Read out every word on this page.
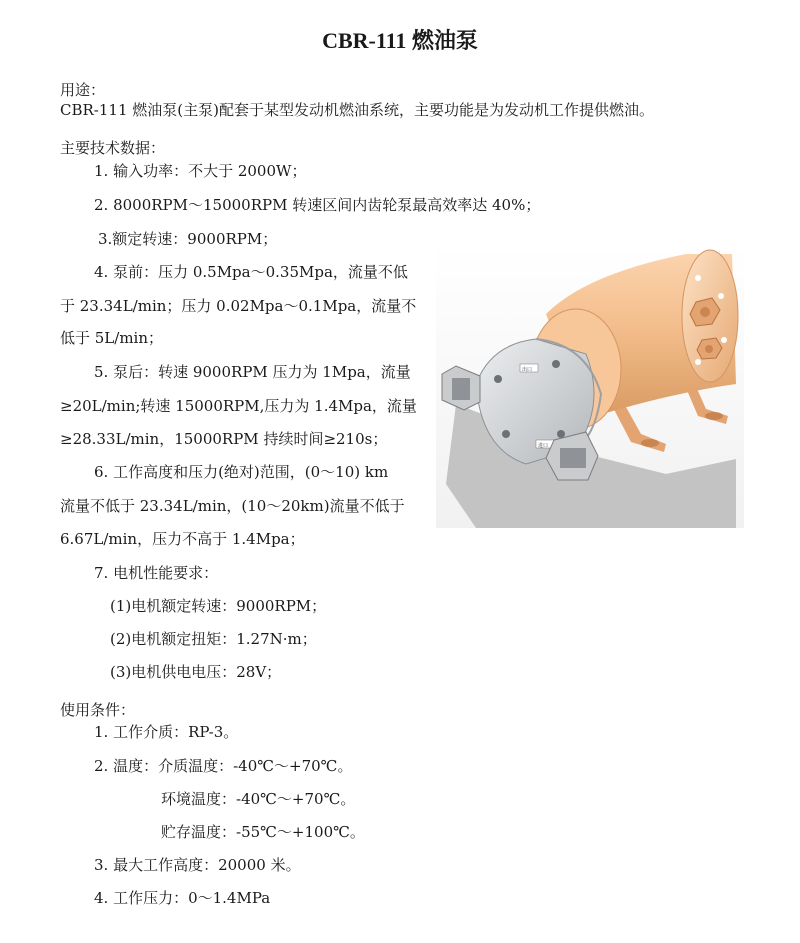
CBR-111 燃油泵
用途：
CBR-111 燃油泵(主泵)配套于某型发动机燃油系统，主要功能是为发动机工作提供燃油。
主要技术数据：
1. 输入功率：不大于 2000W；
2. 8000RPM～15000RPM 转速区间内齿轮泵最高效率达 40%；
3.额定转速：9000RPM；
4. 泵前：压力 0.5Mpa～0.35Mpa，流量不低
于 23.34L/min；压力 0.02Mpa～0.1Mpa，流量不
低于 5L/min；
5. 泵后：转速 9000RPM 压力为 1Mpa，流量
≥20L/min;转速 15000RPM,压力为 1.4Mpa，流量
≥28.33L/min，15000RPM 持续时间≥210s；
6. 工作高度和压力(绝对)范围，(0～10) km
流量不低于 23.34L/min，(10～20km)流量不低于
6.67L/min，压力不高于 1.4Mpa；
7. 电机性能要求：
(1)电机额定转速：9000RPM；
(2)电机额定扭矩：1.27N·m；
(3)电机供电电压：28V；
使用条件：
1. 工作介质：RP-3。
2. 温度：介质温度：-40℃～+70℃。
环境温度：-40℃～+70℃。
贮存温度：-55℃～+100℃。
3. 最大工作高度：20000 米。
4. 工作压力：0～1.4MPa
出口
进口
